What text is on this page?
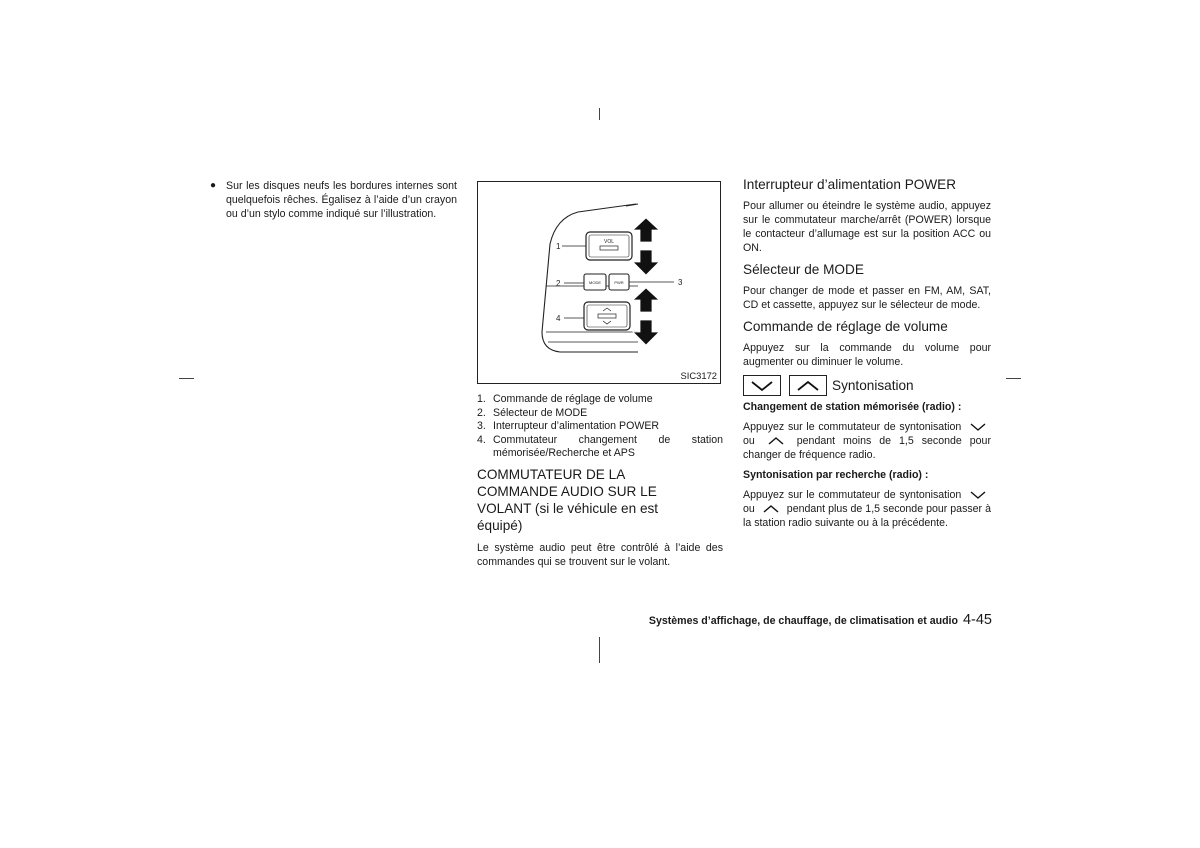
● Sur les disques neufs les bordures internes sont quelquefois rêches. Égalisez à l’aide d’un crayon ou d’un stylo comme indiqué sur l’illustration.
VOL
MODE	PWR
1
2	3
4
SIC3172
1. Commande de réglage de volume
2. Sélecteur de MODE
3. Interrupteur d’alimentation POWER
4. Commutateur changement de station
mémorisée/Recherche et APS
COMMUTATEUR DE LA COMMANDE AUDIO SUR LE VOLANT (si le véhicule en est équipé)
Le système audio peut être contrôlé à l’aide des commandes qui se trouvent sur le volant.
Interrupteur d’alimentation POWER
Pour allumer ou éteindre le système audio, appuyez sur le commutateur marche/arrêt (POWER) lorsque le contacteur d’allumage est sur la position ACC ou ON.
Sélecteur de MODE
Pour changer de mode et passer en FM, AM, SAT, CD et cassette, appuyez sur le sélecteur de mode.
Commande de réglage de volume
Appuyez sur la commande du volume pour augmenter ou diminuer le volume.
Syntonisation
Changement de station mémorisée (radio) :
Appuyez sur le commutateur de syntonisation
ou	pendant moins de 1,5 seconde pour changer de fréquence radio.
Syntonisation par recherche (radio) :
Appuyez sur le commutateur de syntonisation
ou	pendant plus de 1,5 seconde pour passer à la station radio suivante ou à la précédente.
Systèmes d’affichage, de chauffage, de climatisation et audio 4-45
